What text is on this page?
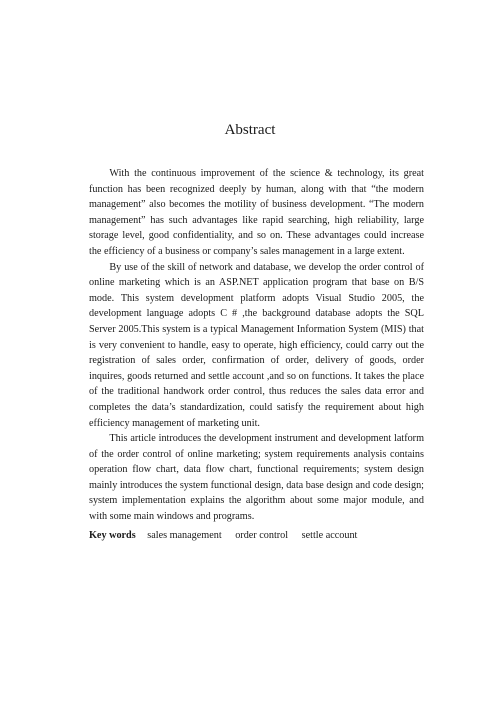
Abstract

With the continuous improvement of the science & technology, its great function has been recognized deeply by human, along with that “the modern management” also becomes the motility of business development. “The modern management” has such advantages like rapid searching, high reliability, large storage level, good confidentiality, and so on. These advantages could increase the efficiency of a business or company’s sales management in a large extent.

By use of the skill of network and database, we develop the order control of online marketing which is an ASP.NET application program that base on B/S mode. This system development platform adopts Visual Studio 2005, the development language adopts C # ,the background database adopts the SQL Server 2005.This system is a typical Management Information System (MIS) that is very convenient to handle, easy to operate, high efficiency, could carry out the registration of sales order, confirmation of order, delivery of goods, order inquires, goods returned and settle account ,and so on functions. It takes the place of the traditional handwork order control, thus reduces the sales data error and completes the data’s standardization, could satisfy the requirement about high efficiency management of marketing unit.

This article introduces the development instrument and development latform of the order control of online marketing; system requirements analysis contains operation flow chart, data flow chart, functional requirements; system design mainly introduces the system functional design, data base design and code design; system implementation explains the algorithm about some major module, and with some main windows and programs.

Key words sales management order control settle account
